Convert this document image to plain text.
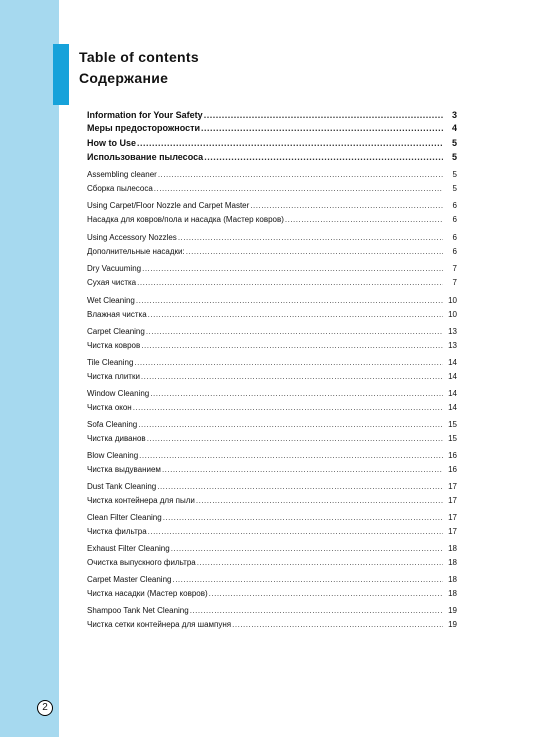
Table of contents
Содержание
Information for Your Safety .....	3
Меры предосторожности .....	4
How to Use .....	5
Использование пылесоса .....	5
Assembling cleaner .....	5
Сборка пылесоса .....	5
Using Carpet/Floor Nozzle and Carpet Master .....	6
Насадка для ковров/пола и насадка (Мастер ковров) .....	6
Using Accessory Nozzles .....	6
Дополнительные насадки: .....	6
Dry Vacuuming .....	7
Сухая чистка .....	7
Wet Cleaning .....	10
Влажная чистка .....	10
Carpet Cleaning .....	13
Чистка ковров .....	13
Tile Cleaning .....	14
Чистка плитки .....	14
Window Cleaning .....	14
Чистка окон .....	14
Sofa Cleaning .....	15
Чистка диванов .....	15
Blow Cleaning .....	16
Чистка выдуванием .....	16
Dust Tank Cleaning .....	17
Чистка контейнера для пыли .....	17
Clean Filter Cleaning .....	17
Чистка фильтра .....	17
Exhaust Filter Cleaning .....	18
Очистка выпускного фильтра .....	18
Carpet Master Cleaning .....	18
Чистка насадки (Мастер ковров) .....	18
Shampoo Tank Net Cleaning .....	19
Чистка сетки контейнера для шампуня .....	19
2
